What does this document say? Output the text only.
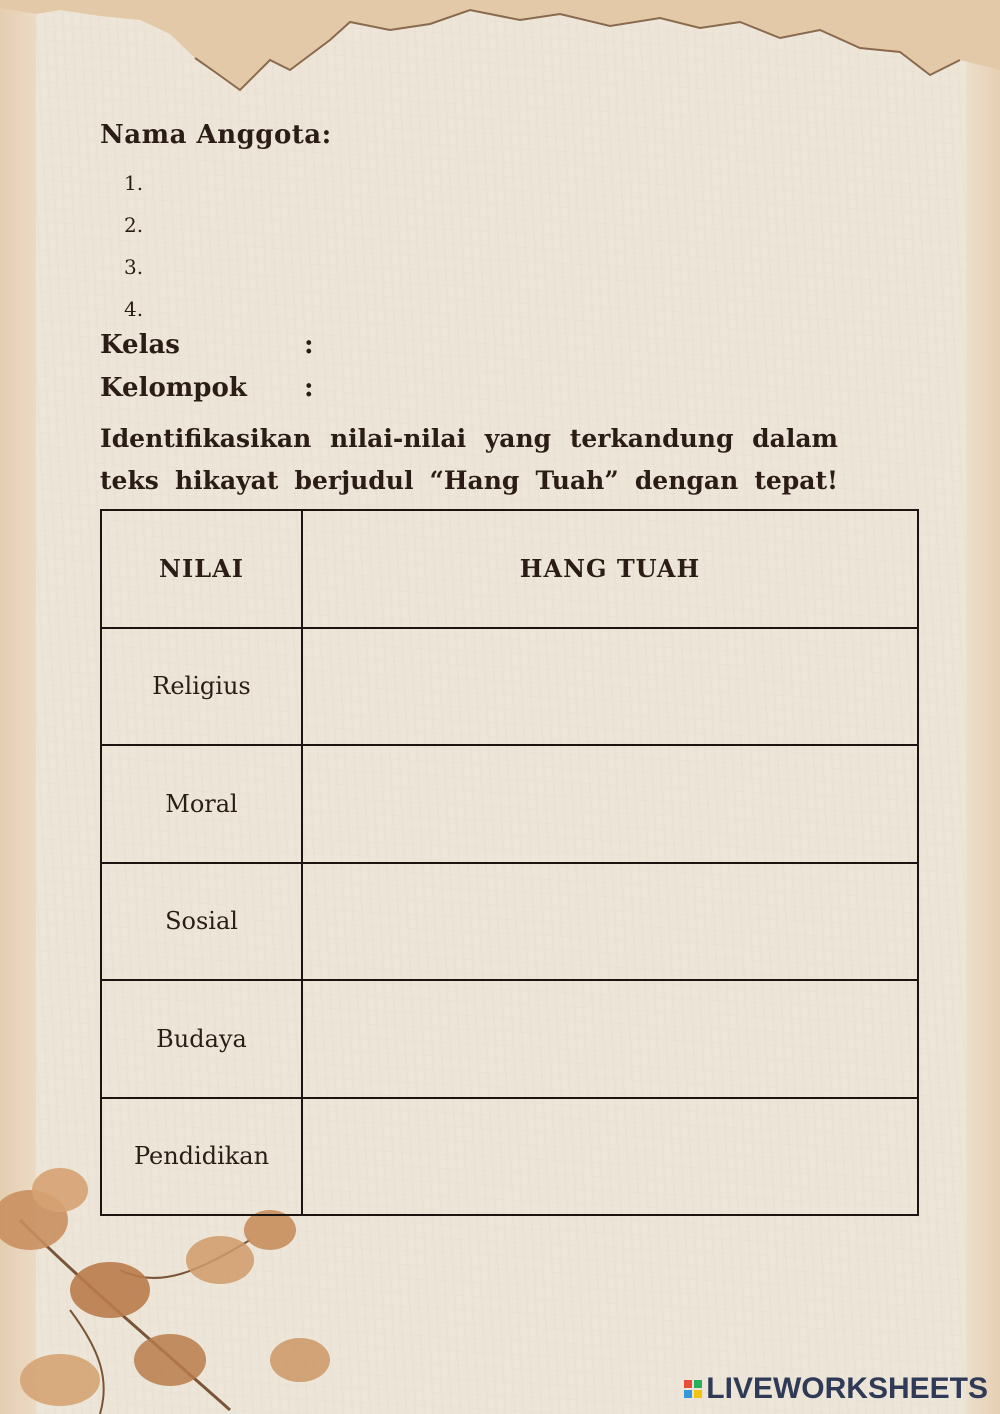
Nama Anggota:
1.
2.
3.
4.
Kelas	:
Kelompok :
Identifikasikan nilai-nilai yang terkandung dalam teks hikayat berjudul “Hang Tuah” dengan tepat!
NILAI	HANG TUAH
Religius	
Moral	
Sosial	
Budaya	
Pendidikan	
LIVEWORKSHEETS
